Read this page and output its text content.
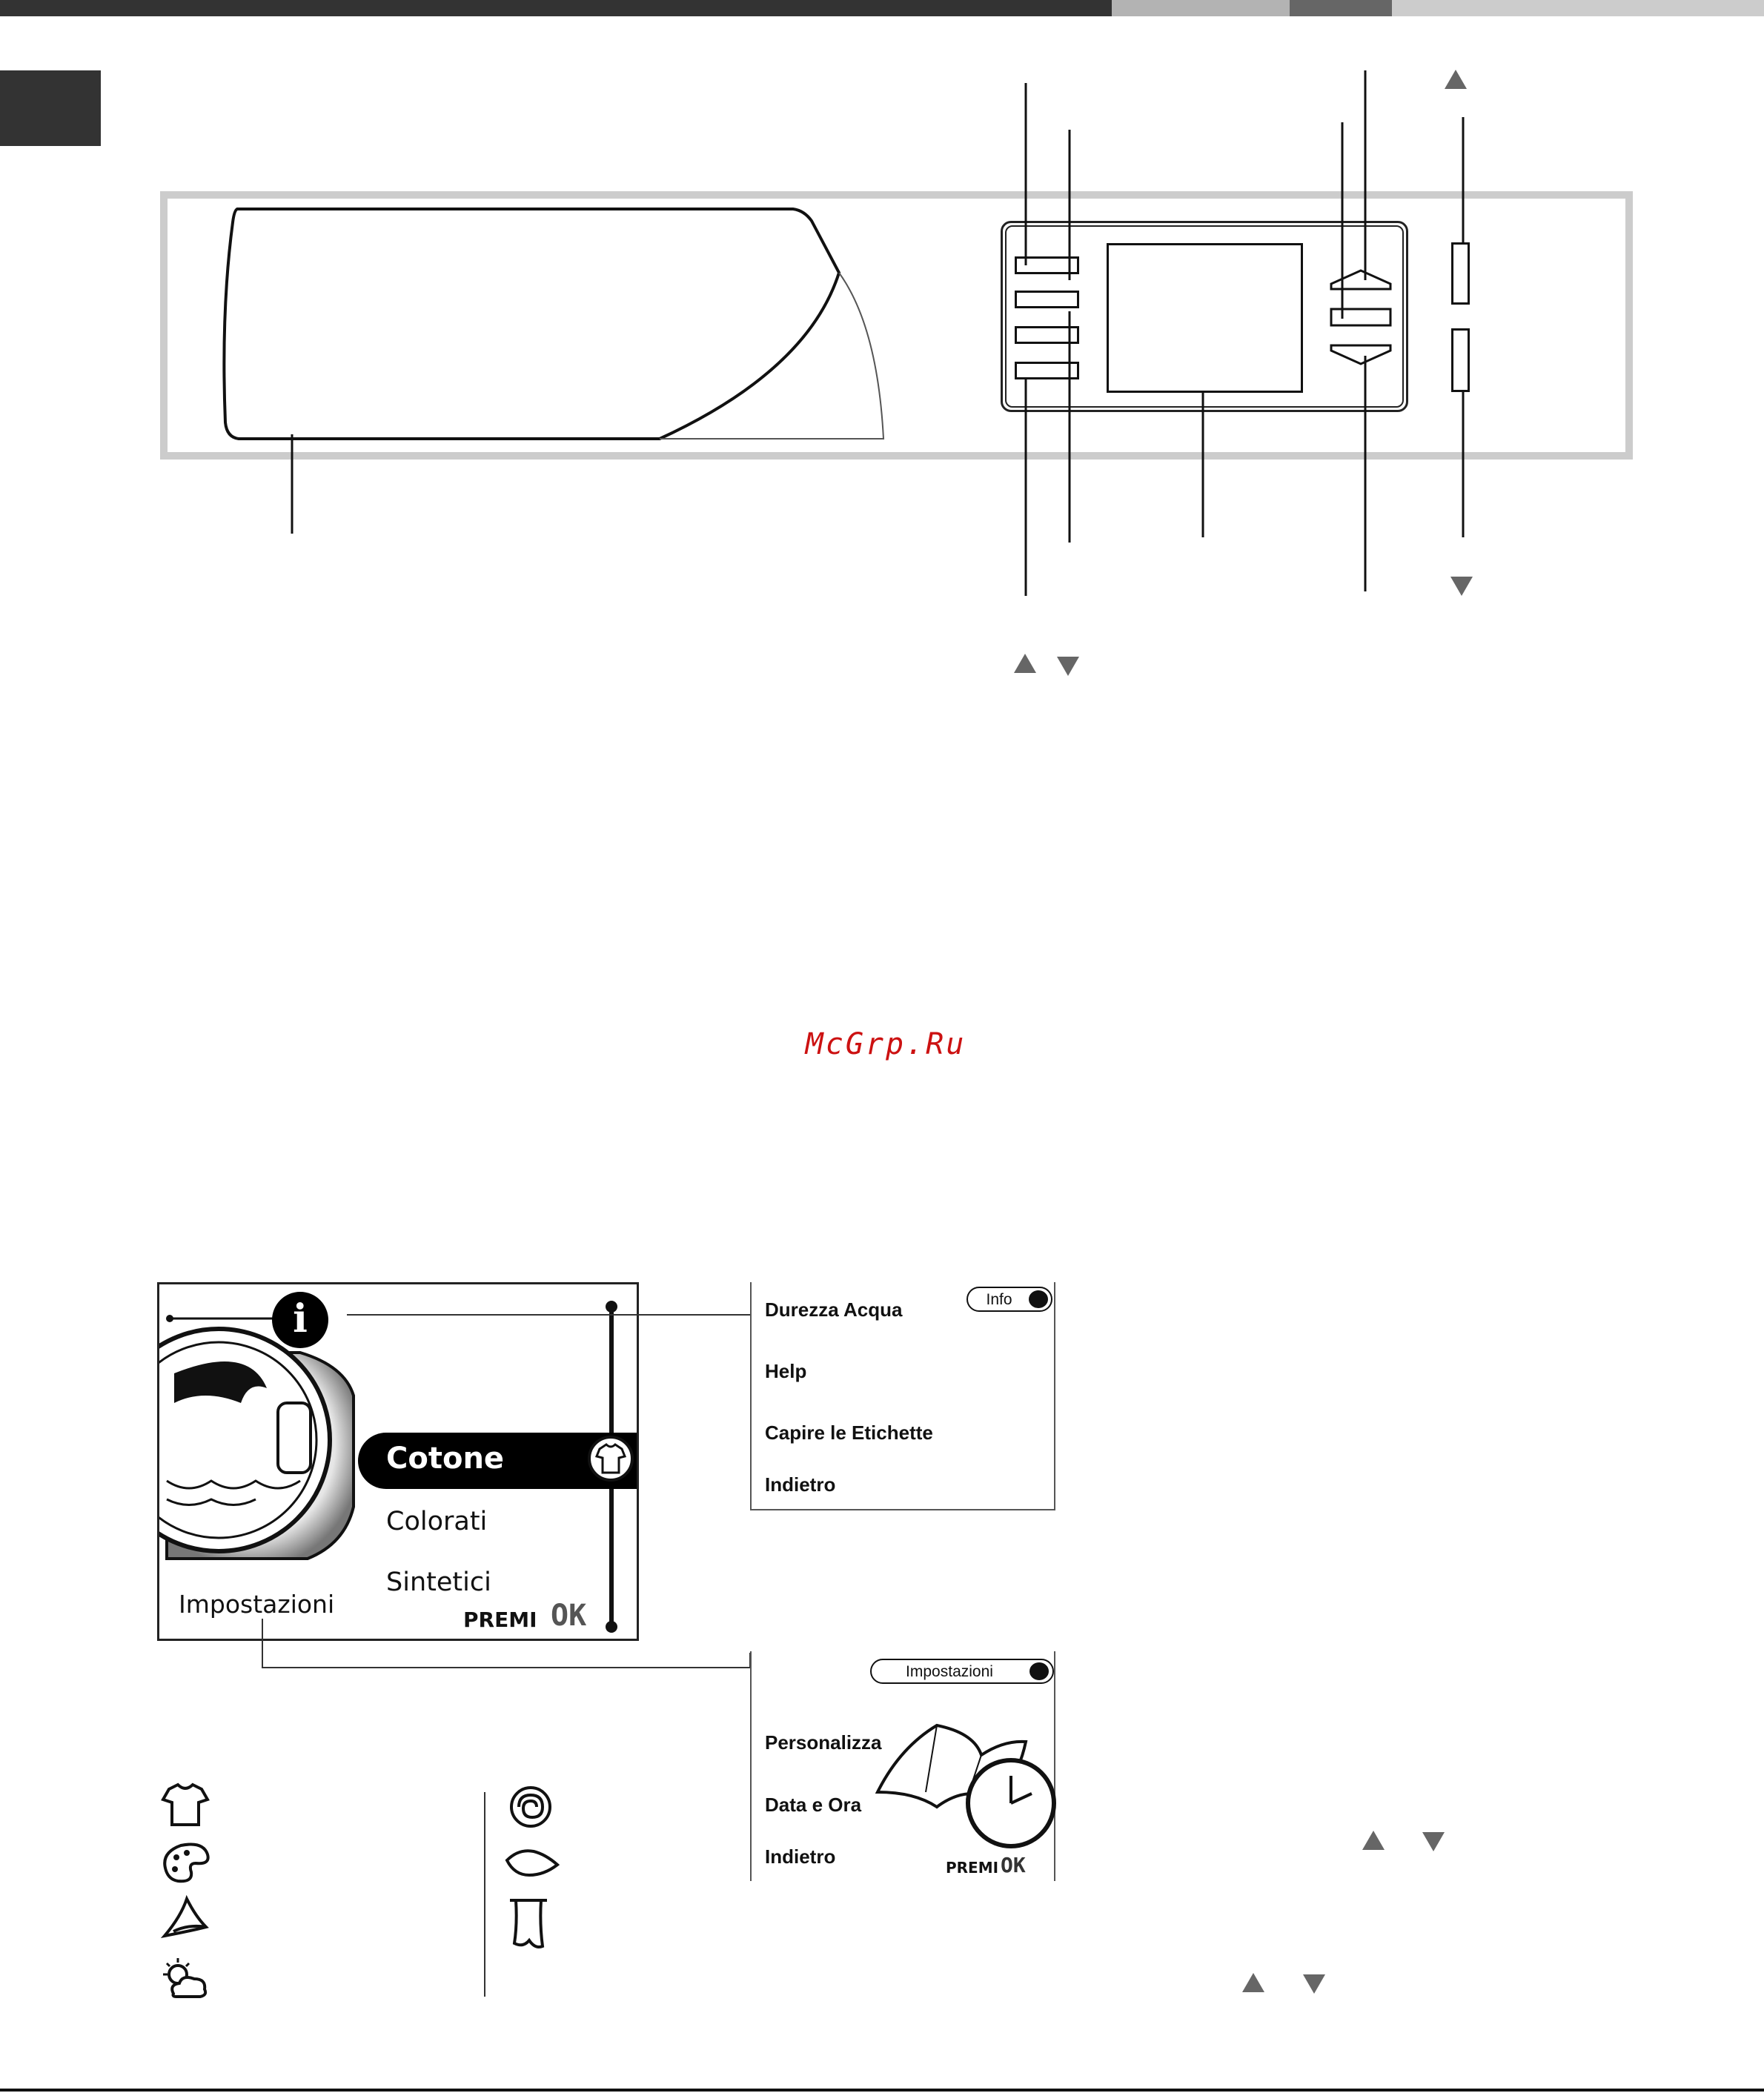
McGrp.Ru
i
Cotone
Colorati
Sintetici
Impostazioni
PREMI OK
Info
Durezza Acqua
Help
Capire le Etichette
Indietro
Impostazioni
Personalizza
Data e Ora
Indietro	PREMI OK
